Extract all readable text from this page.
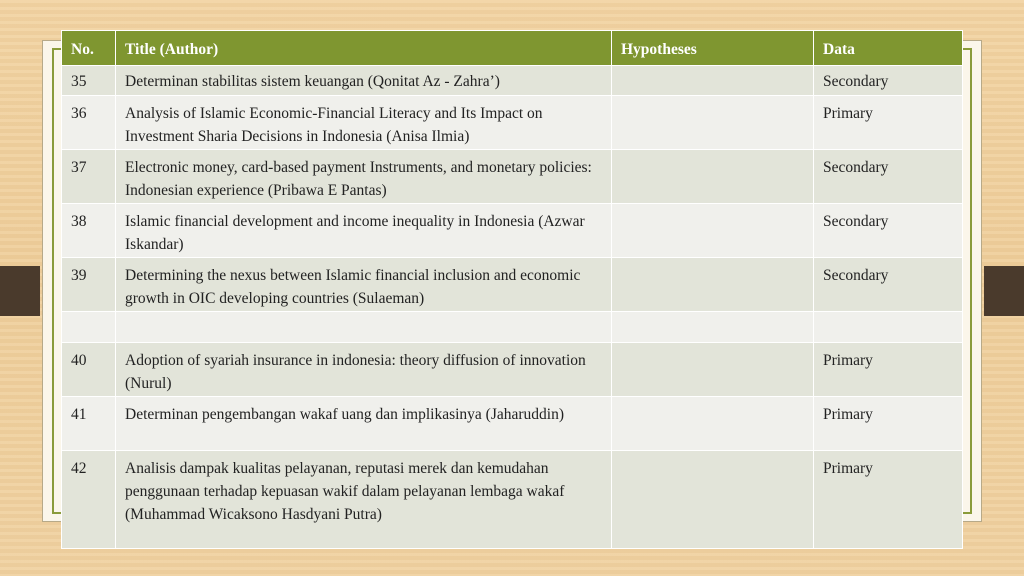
No.	Title (Author)	Hypotheses	Data
35	Determinan stabilitas sistem keuangan (Qonitat Az - Zahra’)		Secondary
36	Analysis of Islamic Economic-Financial Literacy and Its Impact on Investment Sharia Decisions in Indonesia (Anisa Ilmia)		Primary
37	Electronic money, card-based payment Instruments, and monetary policies: Indonesian experience (Pribawa E Pantas)		Secondary
38	Islamic financial development and income inequality in Indonesia (Azwar Iskandar)		Secondary
39	Determining the nexus between Islamic financial inclusion and economic growth in OIC developing countries (Sulaeman)		Secondary

40	Adoption of syariah insurance in indonesia: theory diffusion of innovation (Nurul)		Primary
41	Determinan pengembangan wakaf uang dan implikasinya (Jaharuddin)		Primary
42	Analisis dampak kualitas pelayanan, reputasi merek dan kemudahan penggunaan terhadap kepuasan wakif dalam pelayanan lembaga wakaf (Muhammad Wicaksono Hasdyani Putra)		Primary
